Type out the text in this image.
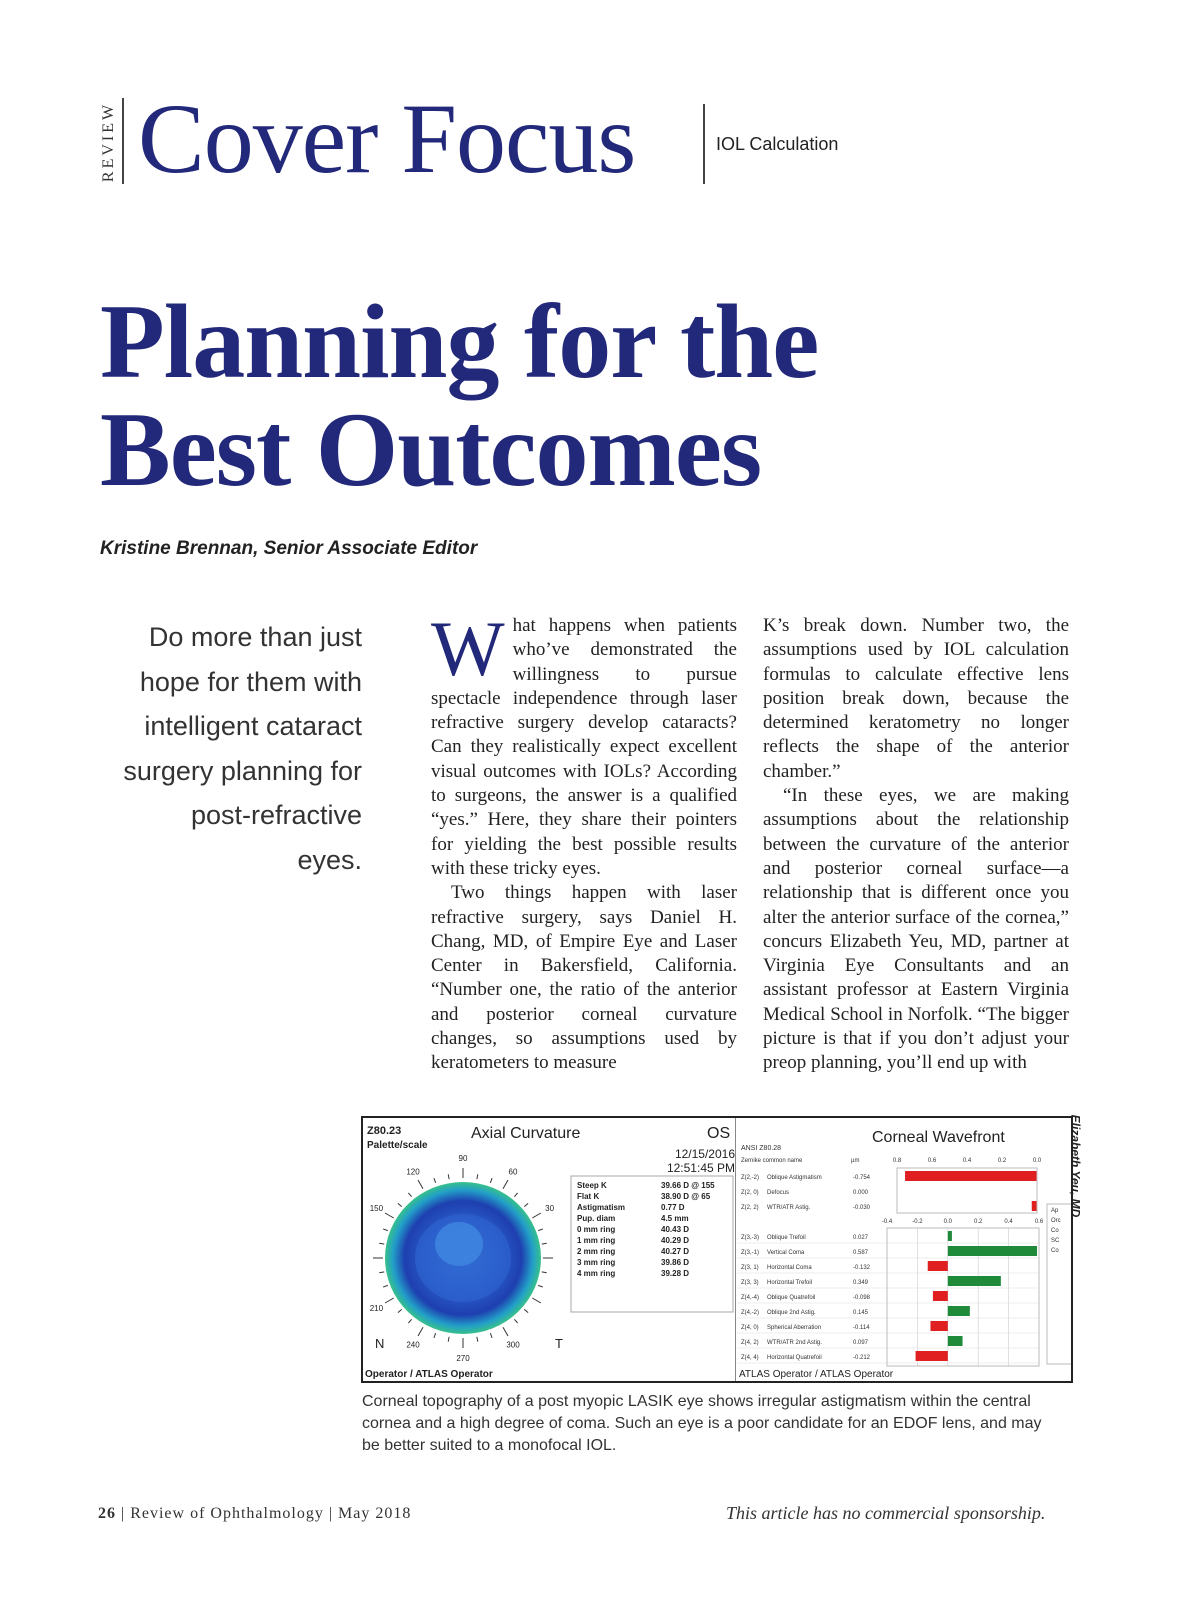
REVIEW Cover Focus	IOL Calculation
Planning for the
Best Outcomes
Kristine Brennan, Senior Associate Editor
Do more than just hope for them with intelligent cataract surgery planning for post-refractive eyes.

What happens when patients who’ve demonstrated the willingness to pursue spectacle independence through laser refractive surgery develop cataracts? Can they realistically expect excellent visual outcomes with IOLs? According to surgeons, the answer is a qualified “yes.” Here, they share their pointers for yielding the best possible results with these tricky eyes.

Two things happen with laser refractive surgery, says Daniel H. Chang, MD, of Empire Eye and Laser Center in Bakersfield, California. “Number one, the ratio of the anterior and posterior corneal curvature changes, so assumptions used by keratometers to measure

K’s break down. Number two, the assumptions used by IOL calculation formulas to calculate effective lens position break down, because the determined keratometry no longer reflects the shape of the anterior chamber.”

“In these eyes, we are making assumptions about the relationship between the curvature of the anterior and posterior corneal surface—a relationship that is different once you alter the anterior surface of the cornea,” concurs Elizabeth Yeu, MD, partner at Virginia Eye Consultants and an assistant professor at Eastern Virginia Medical School in Norfolk. “The bigger picture is that if you don’t adjust your preop planning, you’ll end up with

Z80.23
Palette/scale
Axial Curvature	OS
12/15/2016
12:51:45 PM
90
60
30
120
150
210
240
270
300
N	T
Steep K	39.66 D @ 155
Flat K	38.90 D @ 65
Astigmatism	0.77 D
Pup. diam	4.5 mm
0 mm ring	40.43 D
1 mm ring	40.29 D
2 mm ring	40.27 D
3 mm ring	39.86 D
4 mm ring	39.28 D
Operator / ATLAS Operator
Corneal Wavefront
ANSI Z80.28
Zernike common name	µm	0.8	0.6	0.4	0.2	0.0
Z(2,-2) Oblique Astigmatism	-0.754
Z(2, 0) Defocus	0.000
Z(2, 2) WTR/ATR Astig.	-0.030
-0.4	-0.2	0.0	0.2	0.4	0.6
Z(3,-3) Oblique Trefoil	0.027
Z(3,-1) Vertical Coma	0.587
Z(3, 1) Horizontal Coma	-0.132
Z(3, 3) Horizontal Trefoil	0.349
Z(4,-4) Oblique Quatrefoil	-0.098
Z(4,-2) Oblique 2nd Astig.	0.145
Z(4, 0) Spherical Aberration	-0.114
Z(4, 2) WTR/ATR 2nd Astig.	0.097
Z(4, 4) Horizontal Quatrefoil	-0.212
Ap
Orc
Co
SC
Co
ATLAS Operator / ATLAS Operator
Elizabeth Yeu, MD
Corneal topography of a post myopic LASIK eye shows irregular astigmatism within the central cornea and a high degree of coma. Such an eye is a poor candidate for an EDOF lens, and may be better suited to a monofocal IOL.
26 | Review of Ophthalmology | May 2018	This article has no commercial sponsorship.
